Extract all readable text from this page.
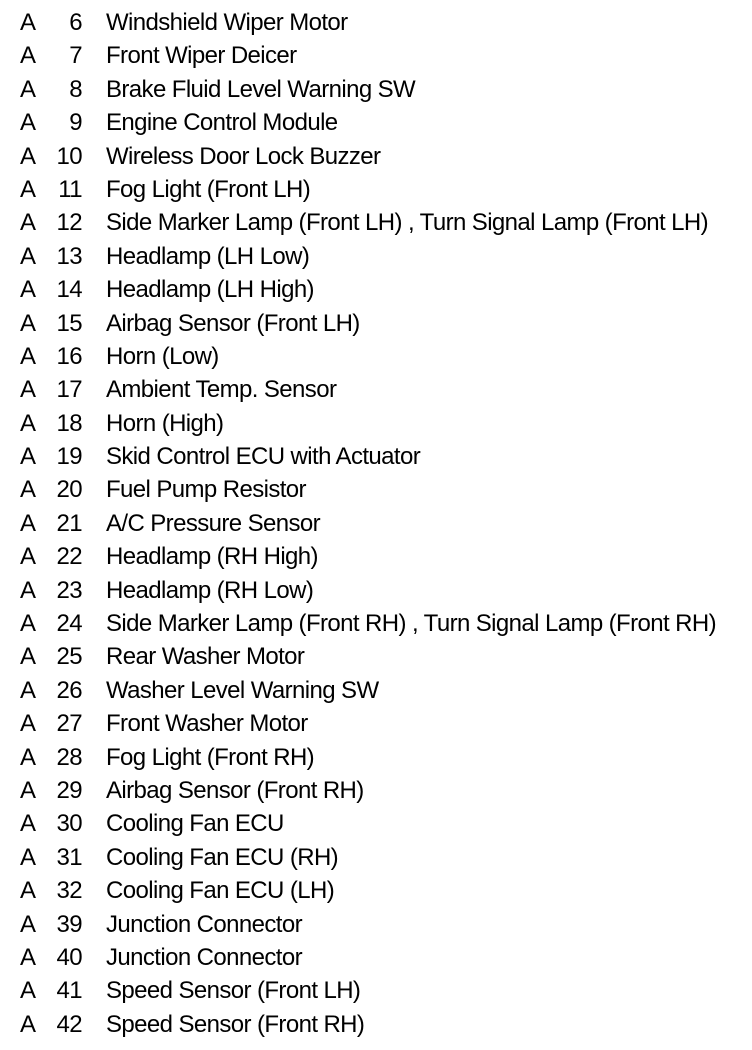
A	6 Windshield Wiper Motor
A	7 Front Wiper Deicer
A	8 Brake Fluid Level Warning SW
A	9 Engine Control Module
A 10 Wireless Door Lock Buzzer
A 11 Fog Light (Front LH)
A 12 Side Marker Lamp (Front LH) , Turn Signal Lamp (Front LH)
A 13 Headlamp (LH Low)
A 14 Headlamp (LH High)
A 15 Airbag Sensor (Front LH)
A 16 Horn (Low)
A 17 Ambient Temp. Sensor
A 18 Horn (High)
A 19 Skid Control ECU with Actuator
A 20 Fuel Pump Resistor
A 21 A/C Pressure Sensor
A 22 Headlamp (RH High)
A 23 Headlamp (RH Low)
A 24 Side Marker Lamp (Front RH) , Turn Signal Lamp (Front RH)
A 25 Rear Washer Motor
A 26 Washer Level Warning SW
A 27 Front Washer Motor
A 28 Fog Light (Front RH)
A 29 Airbag Sensor (Front RH)
A 30 Cooling Fan ECU
A 31 Cooling Fan ECU (RH)
A 32 Cooling Fan ECU (LH)
A 39 Junction Connector
A 40 Junction Connector
A 41 Speed Sensor (Front LH)
A 42 Speed Sensor (Front RH)
